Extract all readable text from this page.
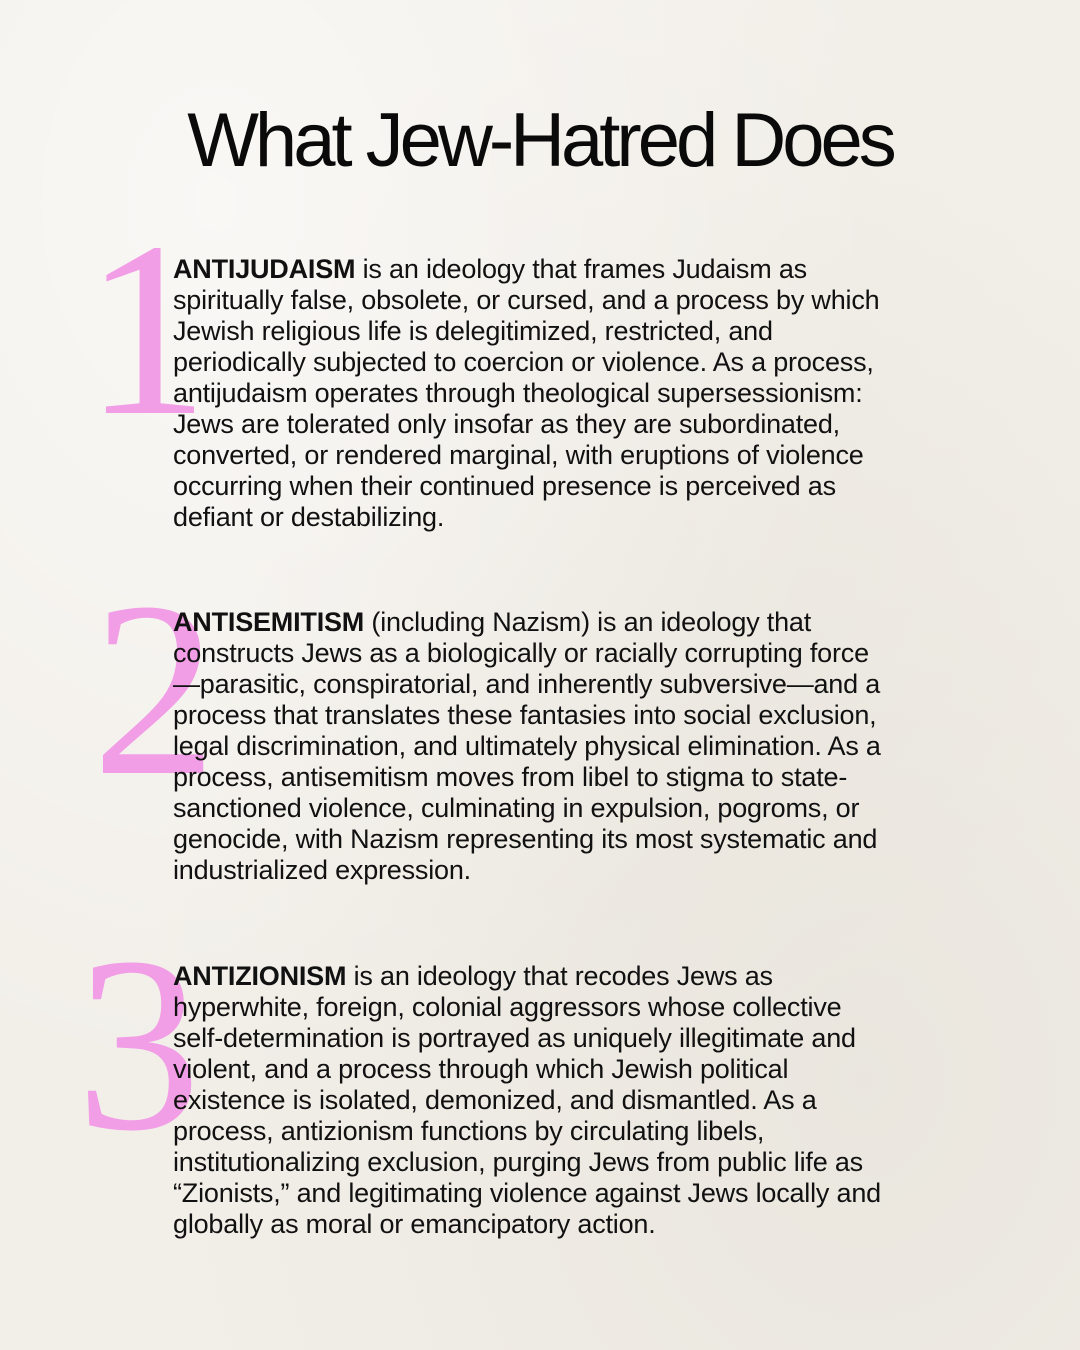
What Jew-Hatred Does
1

ANTIJUDAISM is an ideology that frames Judaism as
spiritually false, obsolete, or cursed, and a process by which
Jewish religious life is delegitimized, restricted, and
periodically subjected to coercion or violence. As a process,
antijudaism operates through theological supersessionism:
Jews are tolerated only insofar as they are subordinated,
converted, or rendered marginal, with eruptions of violence
occurring when their continued presence is perceived as
defiant or destabilizing.

2

ANTISEMITISM (including Nazism) is an ideology that
constructs Jews as a biologically or racially corrupting force
—parasitic, conspiratorial, and inherently subversive—and a
process that translates these fantasies into social exclusion,
legal discrimination, and ultimately physical elimination. As a
process, antisemitism moves from libel to stigma to state-
sanctioned violence, culminating in expulsion, pogroms, or
genocide, with Nazism representing its most systematic and
industrialized expression.

3

ANTIZIONISM is an ideology that recodes Jews as
hyperwhite, foreign, colonial aggressors whose collective
self-determination is portrayed as uniquely illegitimate and
violent, and a process through which Jewish political
existence is isolated, demonized, and dismantled. As a
process, antizionism functions by circulating libels,
institutionalizing exclusion, purging Jews from public life as
“Zionists,” and legitimating violence against Jews locally and
globally as moral or emancipatory action.
